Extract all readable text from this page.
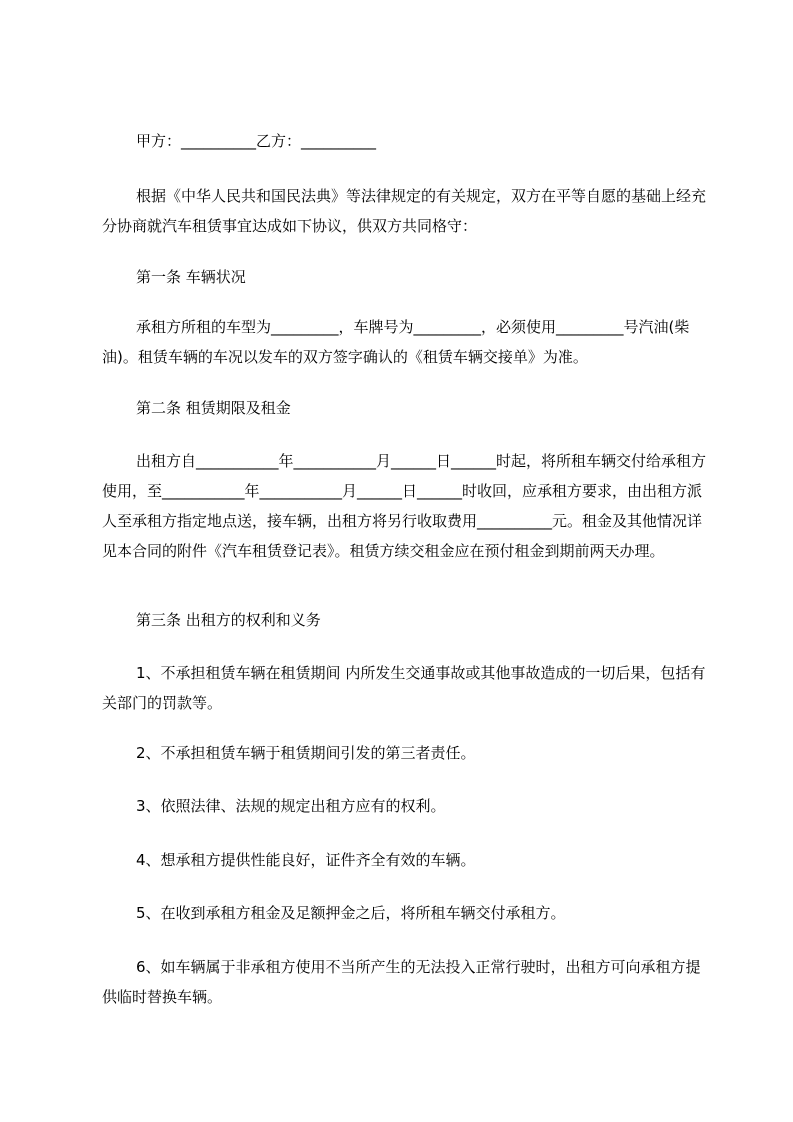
甲方：__________乙方：__________

根据《中华人民共和国民法典》等法律规定的有关规定，双方在平等自愿的基础上经充分协商就汽车租赁事宜达成如下协议，供双方共同格守：

第一条 车辆状况

承租方所租的车型为_________，车牌号为_________，必须使用_________号汽油(柴油)。租赁车辆的车况以发车的双方签字确认的《租赁车辆交接单》为准。

第二条 租赁期限及租金

出租方自___________年___________月______日______时起，将所租车辆交付给承租方使用，至___________年___________月______日______时收回，应承租方要求，由出租方派人至承租方指定地点送，接车辆，出租方将另行收取费用__________元。租金及其他情况详见本合同的附件《汽车租赁登记表》。租赁方续交租金应在预付租金到期前两天办理。

第三条 出租方的权利和义务

1、不承担租赁车辆在租赁期间 内所发生交通事故或其他事故造成的一切后果，包括有关部门的罚款等。

2、不承担租赁车辆于租赁期间引发的第三者责任。

3、依照法律、法规的规定出租方应有的权利。

4、想承租方提供性能良好，证件齐全有效的车辆。

5、在收到承租方租金及足额押金之后，将所租车辆交付承租方。

6、如车辆属于非承租方使用不当所产生的无法投入正常行驶时，出租方可向承租方提供临时替换车辆。
